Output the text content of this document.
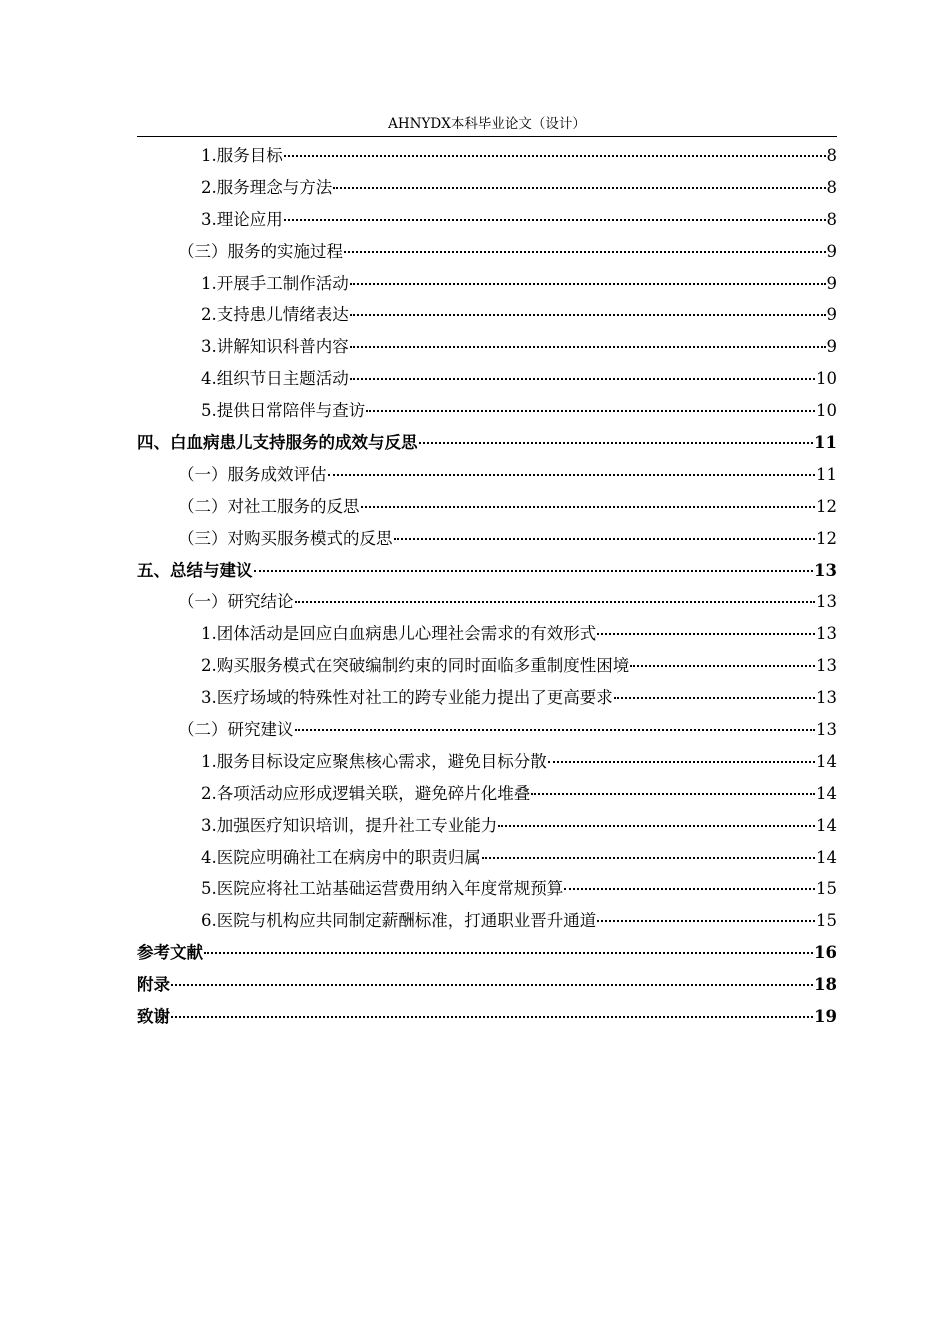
AHNYDX本科毕业论文（设计）
1.服务目标	8
2.服务理念与方法	8
3.理论应用	8
（三）服务的实施过程	9
1.开展手工制作活动	9
2.支持患儿情绪表达	9
3.讲解知识科普内容	9
4.组织节日主题活动	10
5.提供日常陪伴与查访	10
四、白血病患儿支持服务的成效与反思	11
（一）服务成效评估	11
（二）对社工服务的反思	12
（三）对购买服务模式的反思	12
五、总结与建议	13
（一）研究结论	13
1.团体活动是回应白血病患儿心理社会需求的有效形式	13
2.购买服务模式在突破编制约束的同时面临多重制度性困境	13
3.医疗场域的特殊性对社工的跨专业能力提出了更高要求	13
（二）研究建议	13
1.服务目标设定应聚焦核心需求，避免目标分散	14
2.各项活动应形成逻辑关联，避免碎片化堆叠	14
3.加强医疗知识培训，提升社工专业能力	14
4.医院应明确社工在病房中的职责归属	14
5.医院应将社工站基础运营费用纳入年度常规预算	15
6.医院与机构应共同制定薪酬标准，打通职业晋升通道	15
参考文献	16
附录	18
致谢	19
